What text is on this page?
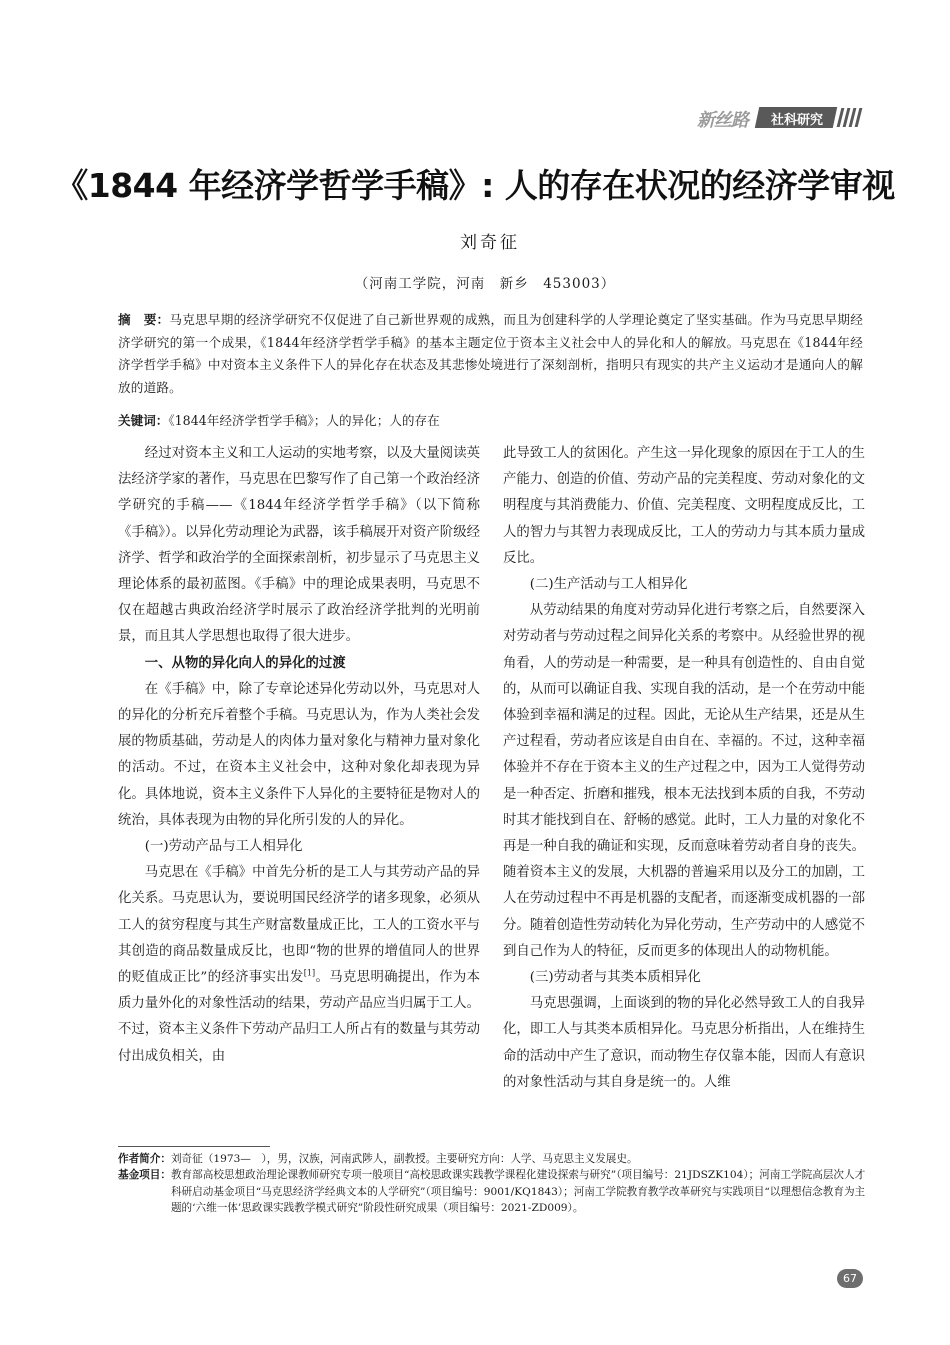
新丝路	社科研究
《1844 年经济学哲学手稿》: 人的存在状况的经济学审视
刘奇征
（河南工学院，河南　新乡　453003）
摘　要：马克思早期的经济学研究不仅促进了自己新世界观的成熟，而且为创建科学的人学理论奠定了坚实基础。作为马克思早期经济学研究的第一个成果，《1844年经济学哲学手稿》的基本主题定位于资本主义社会中人的异化和人的解放。马克思在《1844年经济学哲学手稿》中对资本主义条件下人的异化存在状态及其悲惨处境进行了深刻剖析，指明只有现实的共产主义运动才是通向人的解放的道路。
关键词：《1844年经济学哲学手稿》；人的异化；人的存在

经过对资本主义和工人运动的实地考察，以及大量阅读英法经济学家的著作，马克思在巴黎写作了自己第一个政治经济学研究的手稿——《1844年经济学哲学手稿》（以下简称《手稿》）。以异化劳动理论为武器，该手稿展开对资产阶级经济学、哲学和政治学的全面探索剖析，初步显示了马克思主义理论体系的最初蓝图。《手稿》中的理论成果表明，马克思不仅在超越古典政治经济学时展示了政治经济学批判的光明前景，而且其人学思想也取得了很大进步。

一、从物的异化向人的异化的过渡

在《手稿》中，除了专章论述异化劳动以外，马克思对人的异化的分析充斥着整个手稿。马克思认为，作为人类社会发展的物质基础，劳动是人的肉体力量对象化与精神力量对象化的活动。不过，在资本主义社会中，这种对象化却表现为异化。具体地说，资本主义条件下人异化的主要特征是物对人的统治，具体表现为由物的异化所引发的人的异化。

(一)劳动产品与工人相异化

马克思在《手稿》中首先分析的是工人与其劳动产品的异化关系。马克思认为，要说明国民经济学的诸多现象，必须从工人的贫穷程度与其生产财富数量成正比，工人的工资水平与其创造的商品数量成反比，也即“物的世界的增值同人的世界的贬值成正比”的经济事实出发[1]。马克思明确提出，作为本质力量外化的对象性活动的结果，劳动产品应当归属于工人。不过，资本主义条件下劳动产品归工人所占有的数量与其劳动付出成负相关，由

此导致工人的贫困化。产生这一异化现象的原因在于工人的生产能力、创造的价值、劳动产品的完美程度、劳动对象化的文明程度与其消费能力、价值、完美程度、文明程度成反比，工人的智力与其智力表现成反比，工人的劳动力与其本质力量成反比。

(二)生产活动与工人相异化

从劳动结果的角度对劳动异化进行考察之后，自然要深入对劳动者与劳动过程之间异化关系的考察中。从经验世界的视角看，人的劳动是一种需要，是一种具有创造性的、自由自觉的，从而可以确证自我、实现自我的活动，是一个在劳动中能体验到幸福和满足的过程。因此，无论从生产结果，还是从生产过程看，劳动者应该是自由自在、幸福的。不过，这种幸福体验并不存在于资本主义的生产过程之中，因为工人觉得劳动是一种否定、折磨和摧残，根本无法找到本质的自我，不劳动时其才能找到自在、舒畅的感觉。此时，工人力量的对象化不再是一种自我的确证和实现，反而意味着劳动者自身的丧失。随着资本主义的发展，大机器的普遍采用以及分工的加剧，工人在劳动过程中不再是机器的支配者，而逐渐变成机器的一部分。随着创造性劳动转化为异化劳动，生产劳动中的人感觉不到自己作为人的特征，反而更多的体现出人的动物机能。

(三)劳动者与其类本质相异化

马克思强调，上面谈到的物的异化必然导致工人的自我异化，即工人与其类本质相异化。马克思分析指出，人在维持生命的活动中产生了意识，而动物生存仅靠本能，因而人有意识的对象性活动与其自身是统一的。人维

作者简介： 刘奇征（1973—　），男，汉族，河南武陟人，副教授。主要研究方向：人学、马克思主义发展史。
基金项目： 教育部高校思想政治理论课教师研究专项一般项目“高校思政课实践教学课程化建设探索与研究”（项目编号：21JDSZK104）；河南工学院高层次人才科研启动基金项目“马克思经济学经典文本的人学研究”（项目编号：9001/KQ1843）；河南工学院教育教学改革研究与实践项目“以理想信念教育为主题的‘六维一体’思政课实践教学模式研究”阶段性研究成果（项目编号：2021-ZD009）。
67
